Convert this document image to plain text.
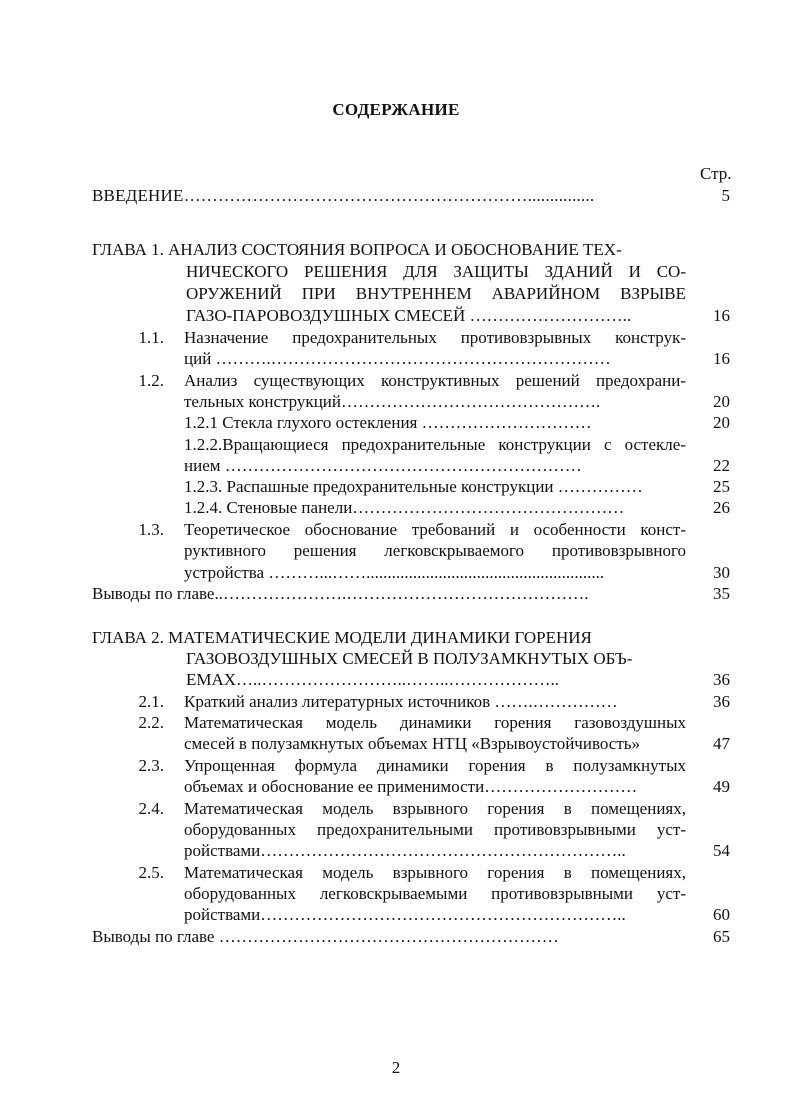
СОДЕРЖАНИЕ
Стр.
ВВЕДЕНИЕ……………………………………………………...............	5
ГЛАВА 1. АНАЛИЗ СОСТОЯНИЯ ВОПРОСА И ОБОСНОВАНИЕ ТЕХ-
НИЧЕСКОГО РЕШЕНИЯ ДЛЯ ЗАЩИТЫ ЗДАНИЙ И СО-
ОРУЖЕНИЙ ПРИ ВНУТРЕННЕМ АВАРИЙНОМ ВЗРЫВЕ
ГАЗО-ПАРОВОЗДУШНЫХ СМЕСЕЙ ………………………..	16
1.1. Назначение предохранительных противовзрывных конструк-
ций ……….……………………………………………………	16
1.2. Анализ существующих конструктивных решений предохрани-
тельных конструкций……………………………………….	20
1.2.1 Стекла глухого остекления …………………………	20
1.2.2.Вращающиеся предохранительные конструкции с остекле-
нием ………………………………………………………	22
1.2.3. Распашные предохранительные конструкции ……………	25
1.2.4. Стеновые панели…………………………………………	26
1.3. Теоретическое обоснование требований и особенности конст-
руктивного решения легковскрываемого противовзрывного
устройства ………...……........................................................	30
Выводы по главе..………………….…………………………………….	35
ГЛАВА 2. МАТЕМАТИЧЕСКИЕ МОДЕЛИ ДИНАМИКИ ГОРЕНИЯ
ГАЗОВОЗДУШНЫХ СМЕСЕЙ В ПОЛУЗАМКНУТЫХ ОБЪ-
ЕМАХ…..……………………..……..………………..	36
2.1. Краткий анализ литературных источников …….……………	36
2.2. Математическая модель динамики горения газовоздушных
смесей в полузамкнутых объемах НТЦ «Взрывоустойчивость»	47
2.3. Упрощенная формула динамики горения в полузамкнутых
объемах и обоснование ее применимости………………………	49
2.4. Математическая модель взрывного горения в помещениях,
оборудованных предохранительными противовзрывными уст-
ройствами………………………………………………………..	54
2.5. Математическая модель взрывного горения в помещениях,
оборудованных легковскрываемыми противовзрывными уст-
ройствами………………………………………………………..	60
Выводы по главе ……………………………………………………	65
2
